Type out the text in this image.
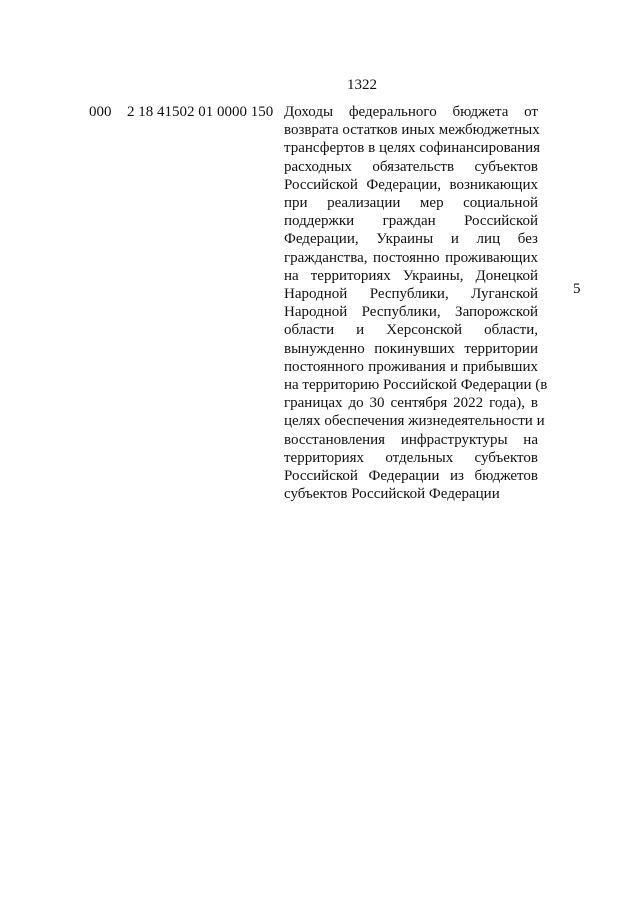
1322
000 2 18 41502 01 0000 150 Доходы федерального бюджета от
возврата остатков иных межбюджетных
трансфертов в целях софинансирования
расходных обязательств субъектов
Российской Федерации, возникающих
при реализации мер социальной
поддержки граждан Российской
Федерации, Украины и лиц без
гражданства, постоянно проживающих
на территориях Украины, Донецкой
Народной Республики, Луганской
Народной Республики, Запорожской
области и Херсонской области,
вынужденно покинувших территории
постоянного проживания и прибывших
на территорию Российской Федерации (в
границах до 30 сентября 2022 года), в
целях обеспечения жизнедеятельности и
восстановления инфраструктуры на
территориях отдельных субъектов
Российской Федерации из бюджетов
субъектов Российской Федерации
5
